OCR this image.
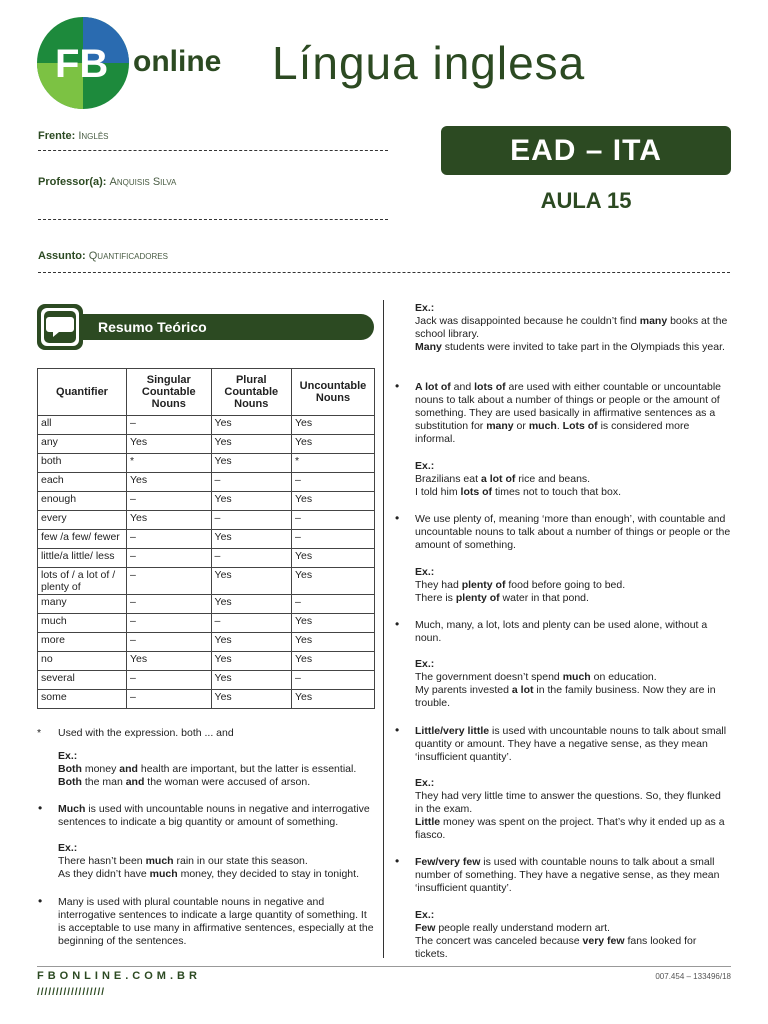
FB online Língua inglesa
Frente: Inglês
Professor(a): Anquisis Silva
Assunto: Quantificadores
EAD – ITA
AULA 15
Resumo Teórico
Quantifier	Singular Countable Nouns	Plural Countable Nouns	Uncountable Nouns
all	–	Yes	Yes
any	Yes	Yes	Yes
both	*	Yes	*
each	Yes	–	–
enough	–	Yes	Yes
every	Yes	–	–
few /a few/ fewer	–	Yes	–
little/a little/ less	–	–	Yes
lots of / a lot of / plenty of	–	Yes	Yes
many	–	Yes	–
much	–	–	Yes
more	–	Yes	Yes
no	Yes	Yes	Yes
several	–	Yes	–
some	–	Yes	Yes
* Used with the expression. both ... and
Ex.:
Both money and health are important, but the latter is essential.
Both the man and the woman were accused of arson.
• Much is used with uncountable nouns in negative and interrogative sentences to indicate a big quantity or amount of something.
Ex.:
There hasn’t been much rain in our state this season.
As they didn’t have much money, they decided to stay in tonight.
• Many is used with plural countable nouns in negative and interrogative sentences to indicate a large quantity of something. It is acceptable to use many in affirmative sentences, especially at the beginning of the sentences.
Ex.:
Jack was disappointed because he couldn’t find many books at the school library.
Many students were invited to take part in the Olympiads this year.
• A lot of and lots of are used with either countable or uncountable nouns to talk about a number of things or people or the amount of something. They are used basically in affirmative sentences as a substitution for many or much. Lots of is considered more informal.
Ex.:
Brazilians eat a lot of rice and beans.
I told him lots of times not to touch that box.
• We use plenty of, meaning ‘more than enough’, with countable and uncountable nouns to talk about a number of things or people or the amount of something.
Ex.:
They had plenty of food before going to bed.
There is plenty of water in that pond.
• Much, many, a lot, lots and plenty can be used alone, without a noun.
Ex.:
The government doesn’t spend much on education.
My parents invested a lot in the family business. Now they are in trouble.
• Little/very little is used with uncountable nouns to talk about small quantity or amount. They have a negative sense, as they mean ‘insufficient quantity’.
Ex.:
They had very little time to answer the questions. So, they flunked in the exam.
Little money was spent on the project. That’s why it ended up as a fiasco.
• Few/very few is used with countable nouns to talk about a small number of something. They have a negative sense, as they mean ‘insufficient quantity’.
Ex.:
Few people really understand modern art.
The concert was canceled because very few fans looked for tickets.
FBONLINE.COM.BR
//////////////////
007.454 – 133496/18
